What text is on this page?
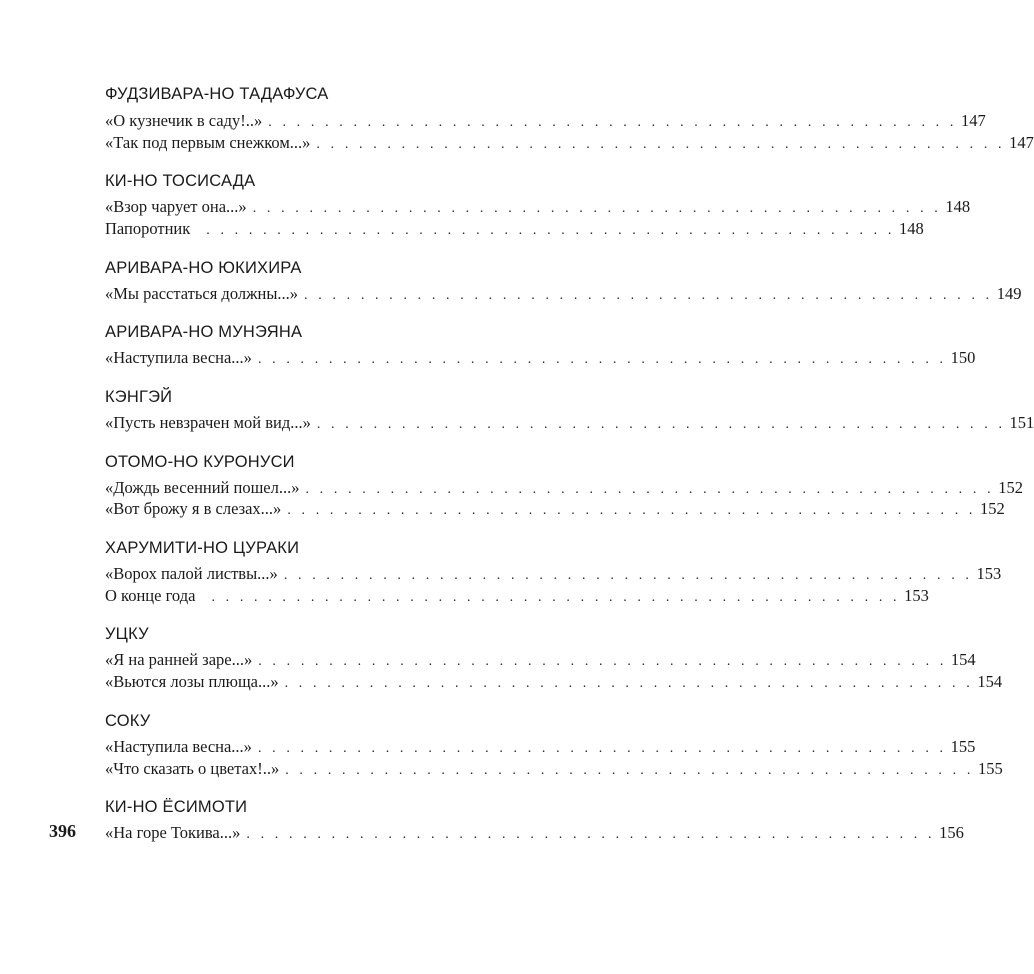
ФУДЗИВАРА-НО ТАДАФУСА
«О кузнечик в саду!..» . . . . . . . . . . . . . . . . . . . . . . . . . . . . . . . . . . . . . . . . . . . . . . . . . 147
«Так под первым снежком...» . . . . . . . . . . . . . . . . . . . . . . . . . . . . . . . . . . . . . . . . . . . . . . . . . 147
КИ-НО ТОСИСАДА
«Взор чарует она...» . . . . . . . . . . . . . . . . . . . . . . . . . . . . . . . . . . . . . . . . . . . . . . . . . 148
Папоротник . . . . . . . . . . . . . . . . . . . . . . . . . . . . . . . . . . . . . . . . . . . . . . . . . 148
АРИВАРА-НО ЮКИХИРА
«Мы расстаться должны...» . . . . . . . . . . . . . . . . . . . . . . . . . . . . . . . . . . . . . . . . . . . . . . . . . 149
АРИВАРА-НО МУНЭЯНА
«Наступила весна...» . . . . . . . . . . . . . . . . . . . . . . . . . . . . . . . . . . . . . . . . . . . . . . . . . 150
КЭНГЭЙ
«Пусть невзрачен мой вид...» . . . . . . . . . . . . . . . . . . . . . . . . . . . . . . . . . . . . . . . . . . . . . . . . . 151
ОТОМО-НО КУРОНУСИ
«Дождь весенний пошел...» . . . . . . . . . . . . . . . . . . . . . . . . . . . . . . . . . . . . . . . . . . . . . . . . . 152
«Вот брожу я в слезах...» . . . . . . . . . . . . . . . . . . . . . . . . . . . . . . . . . . . . . . . . . . . . . . . . . 152
ХАРУМИТИ-НО ЦУРАКИ
«Ворох палой листвы...» . . . . . . . . . . . . . . . . . . . . . . . . . . . . . . . . . . . . . . . . . . . . . . . . . 153
О конце года . . . . . . . . . . . . . . . . . . . . . . . . . . . . . . . . . . . . . . . . . . . . . . . . . 153
УЦКУ
«Я на ранней заре...» . . . . . . . . . . . . . . . . . . . . . . . . . . . . . . . . . . . . . . . . . . . . . . . . . 154
«Вьются лозы плюща...» . . . . . . . . . . . . . . . . . . . . . . . . . . . . . . . . . . . . . . . . . . . . . . . . . 154
СОКУ
«Наступила весна...» . . . . . . . . . . . . . . . . . . . . . . . . . . . . . . . . . . . . . . . . . . . . . . . . . 155
«Что сказать о цветах!..» . . . . . . . . . . . . . . . . . . . . . . . . . . . . . . . . . . . . . . . . . . . . . . . . . 155
КИ-НО ЁСИМОТИ
«На горе Токива...» . . . . . . . . . . . . . . . . . . . . . . . . . . . . . . . . . . . . . . . . . . . . . . . . . 156
396
